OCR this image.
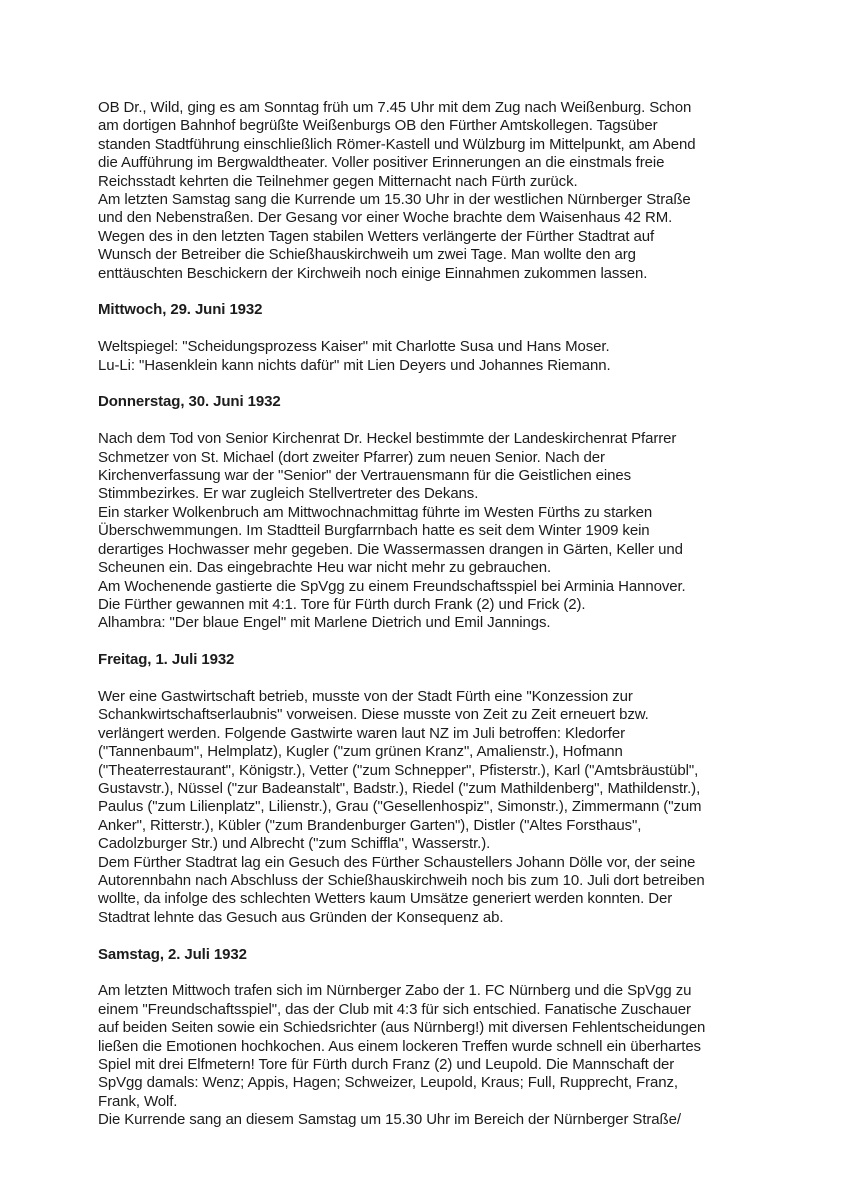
OB Dr., Wild, ging es am Sonntag früh um 7.45 Uhr mit dem Zug nach Weißenburg. Schon
am dortigen Bahnhof begrüßte Weißenburgs OB den Fürther Amtskollegen. Tagsüber
standen Stadtführung einschließlich Römer-Kastell und Wülzburg im Mittelpunkt, am Abend
die Aufführung im Bergwaldtheater. Voller positiver Erinnerungen an die einstmals freie
Reichsstadt kehrten die Teilnehmer gegen Mitternacht nach Fürth zurück.
Am letzten Samstag sang die Kurrende um 15.30 Uhr in der westlichen Nürnberger Straße
und den Nebenstraßen. Der Gesang vor einer Woche brachte dem Waisenhaus 42 RM.
Wegen des in den letzten Tagen stabilen Wetters verlängerte der Fürther Stadtrat auf
Wunsch der Betreiber die Schießhauskirchweih um zwei Tage. Man wollte den arg
enttäuschten Beschickern der Kirchweih noch einige Einnahmen zukommen lassen.
Mittwoch, 29. Juni 1932
Weltspiegel: "Scheidungsprozess Kaiser" mit Charlotte Susa und Hans Moser.
Lu-Li: "Hasenklein kann nichts dafür" mit Lien Deyers und Johannes Riemann.
Donnerstag, 30. Juni 1932
Nach dem Tod von Senior Kirchenrat Dr. Heckel bestimmte der Landeskirchenrat Pfarrer
Schmetzer von St. Michael (dort zweiter Pfarrer) zum neuen Senior. Nach der
Kirchenverfassung war der "Senior" der Vertrauensmann für die Geistlichen eines
Stimmbezirkes. Er war zugleich Stellvertreter des Dekans.
Ein starker Wolkenbruch am Mittwochnachmittag führte im Westen Fürths zu starken
Überschwemmungen. Im Stadtteil Burgfarrnbach hatte es seit dem Winter 1909 kein
derartiges Hochwasser mehr gegeben. Die Wassermassen drangen in Gärten, Keller und
Scheunen ein. Das eingebrachte Heu war nicht mehr zu gebrauchen.
Am Wochenende gastierte die SpVgg zu einem Freundschaftsspiel bei Arminia Hannover.
Die Fürther gewannen mit 4:1. Tore für Fürth durch Frank (2) und Frick (2).
Alhambra: "Der blaue Engel" mit Marlene Dietrich und Emil Jannings.
Freitag, 1. Juli 1932
Wer eine Gastwirtschaft betrieb, musste von der Stadt Fürth eine "Konzession zur
Schankwirtschaftserlaubnis" vorweisen. Diese musste von Zeit zu Zeit erneuert bzw.
verlängert werden. Folgende Gastwirte waren laut NZ im Juli betroffen: Kledorfer
("Tannenbaum", Helmplatz), Kugler ("zum grünen Kranz", Amalienstr.), Hofmann
("Theaterrestaurant", Königstr.), Vetter ("zum Schnepper", Pfisterstr.), Karl ("Amtsbräustübl",
Gustavstr.), Nüssel ("zur Badeanstalt", Badstr.), Riedel ("zum Mathildenberg", Mathildenstr.),
Paulus ("zum Lilienplatz", Lilienstr.), Grau ("Gesellenhospiz", Simonstr.), Zimmermann ("zum
Anker", Ritterstr.), Kübler ("zum Brandenburger Garten"), Distler ("Altes Forsthaus",
Cadolzburger Str.) und Albrecht ("zum Schiffla", Wasserstr.).
Dem Fürther Stadtrat lag ein Gesuch des Fürther Schaustellers Johann Dölle vor, der seine
Autorennbahn nach Abschluss der Schießhauskirchweih noch bis zum 10. Juli dort betreiben
wollte, da infolge des schlechten Wetters kaum Umsätze generiert werden konnten. Der
Stadtrat lehnte das Gesuch aus Gründen der Konsequenz ab.
Samstag, 2. Juli 1932
Am letzten Mittwoch trafen sich im Nürnberger Zabo der 1. FC Nürnberg und die SpVgg zu
einem "Freundschaftsspiel", das der Club mit 4:3 für sich entschied. Fanatische Zuschauer
auf beiden Seiten sowie ein Schiedsrichter (aus Nürnberg!) mit diversen Fehlentscheidungen
ließen die Emotionen hochkochen. Aus einem lockeren Treffen wurde schnell ein überhartes
Spiel mit drei Elfmetern! Tore für Fürth durch Franz (2) und Leupold. Die Mannschaft der
SpVgg damals: Wenz; Appis, Hagen; Schweizer, Leupold, Kraus; Full, Rupprecht, Franz,
Frank, Wolf.
Die Kurrende sang an diesem Samstag um 15.30 Uhr im Bereich der Nürnberger Straße/
